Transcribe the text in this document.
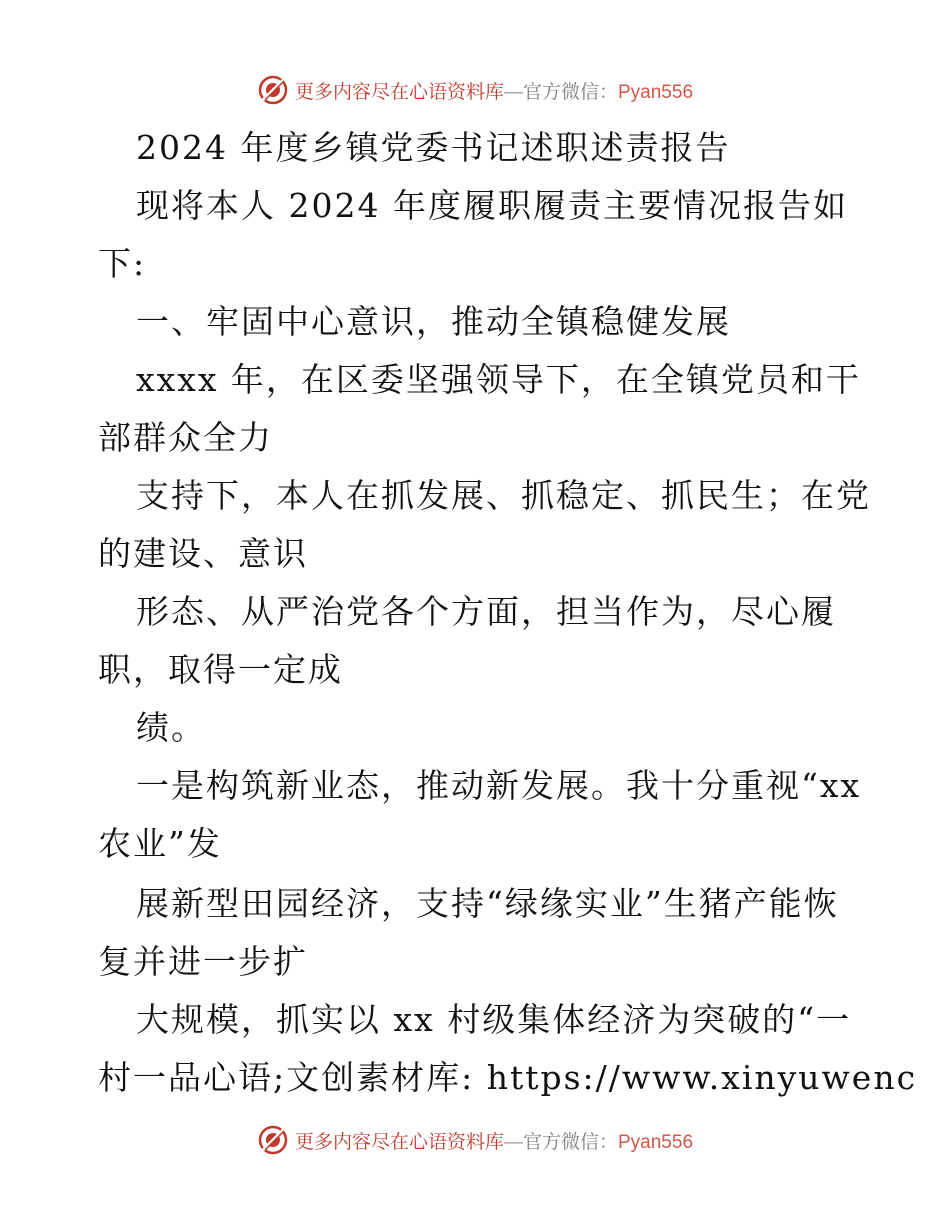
更多内容尽在心语资料库—官方微信：Pyan556
2024 年度乡镇党委书记述职述责报告
现将本人 2024 年度履职履责主要情况报告如
下:
一、牢固中心意识，推动全镇稳健发展
xxxx 年，在区委坚强领导下，在全镇党员和干
部群众全力
支持下，本人在抓发展、抓稳定、抓民生；在党
的建设、意识
形态、从严治党各个方面，担当作为，尽心履
职，取得一定成
绩。
一是构筑新业态，推动新发展。我十分重视“xx
农业”发
展新型田园经济，支持“绿缘实业”生猪产能恢
复并进一步扩
大规模，抓实以 xx 村级集体经济为突破的“一
村一品心语;文创素材库: https://www.xinyuwenc
更多内容尽在心语资料库—官方微信：Pyan556
